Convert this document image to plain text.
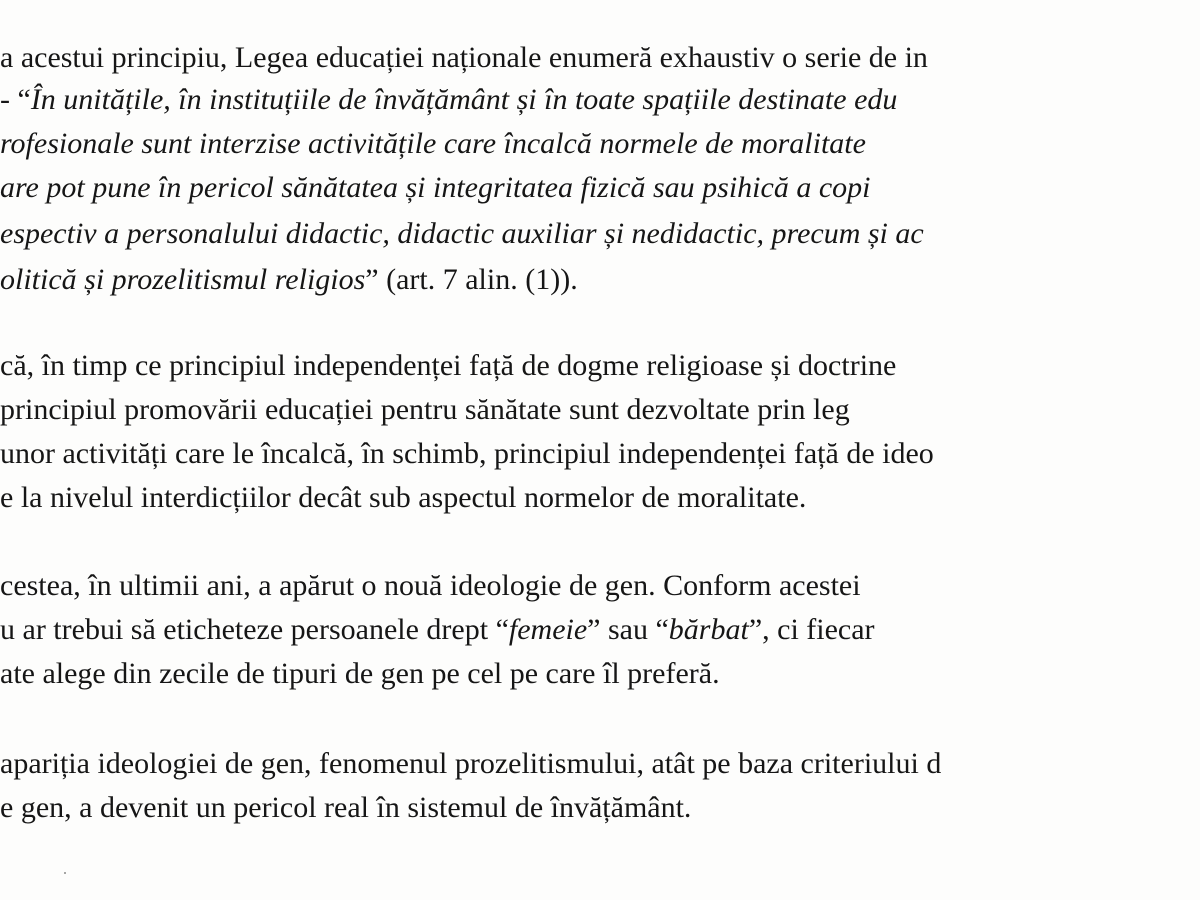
a acestui principiu, Legea educației naționale enumeră exhaustiv o serie de in
- “În unitățile, în instituțiile de învățământ și în toate spațiile destinate edu
rofesionale sunt interzise activitățile care încalcă normele de moralitate
are pot pune în pericol sănătatea și integritatea fizică sau psihică a copi
espectiv a personalului didactic, didactic auxiliar și nedidactic, precum și ac
olitică și prozelitismul religios” (art. 7 alin. (1)).
că, în timp ce principiul independenței față de dogme religioase și doctrine
principiul promovării educației pentru sănătate sunt dezvoltate prin leg
unor activități care le încalcă, în schimb, principiul independenței față de ideo
e la nivelul interdicțiilor decât sub aspectul normelor de moralitate.
cestea, în ultimii ani, a apărut o nouă ideologie de gen. Conform acestei
u ar trebui să eticheteze persoanele drept “femeie” sau “bărbat”, ci fiecar
ate alege din zecile de tipuri de gen pe cel pe care îl preferă.
apariția ideologiei de gen, fenomenul prozelitismului, atât pe baza criteriului d
e gen, a devenit un pericol real în sistemul de învățământ.
